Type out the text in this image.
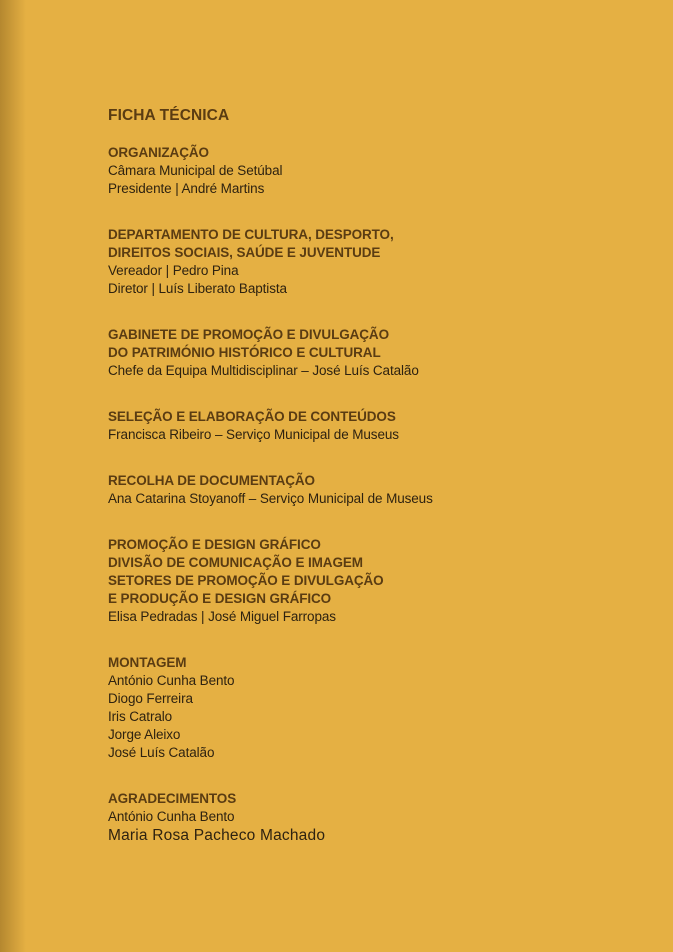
FICHA TÉCNICA
ORGANIZAÇÃO
Câmara Municipal de Setúbal
Presidente | André Martins
DEPARTAMENTO DE CULTURA, DESPORTO,
DIREITOS SOCIAIS, SAÚDE E JUVENTUDE
Vereador | Pedro Pina
Diretor | Luís Liberato Baptista
GABINETE DE PROMOÇÃO E DIVULGAÇÃO
DO PATRIMÓNIO HISTÓRICO E CULTURAL
Chefe da Equipa Multidisciplinar – José Luís Catalão
SELEÇÃO E ELABORAÇÃO DE CONTEÚDOS
Francisca Ribeiro – Serviço Municipal de Museus
RECOLHA DE DOCUMENTAÇÃO
Ana Catarina Stoyanoff – Serviço Municipal de Museus
PROMOÇÃO E DESIGN GRÁFICO
DIVISÃO DE COMUNICAÇÃO E IMAGEM
SETORES DE PROMOÇÃO E DIVULGAÇÃO
E PRODUÇÃO E DESIGN GRÁFICO
Elisa Pedradas | José Miguel Farropas
MONTAGEM
António Cunha Bento
Diogo Ferreira
Iris Catralo
Jorge Aleixo
José Luís Catalão
AGRADECIMENTOS
António Cunha Bento
Maria Rosa Pacheco Machado
